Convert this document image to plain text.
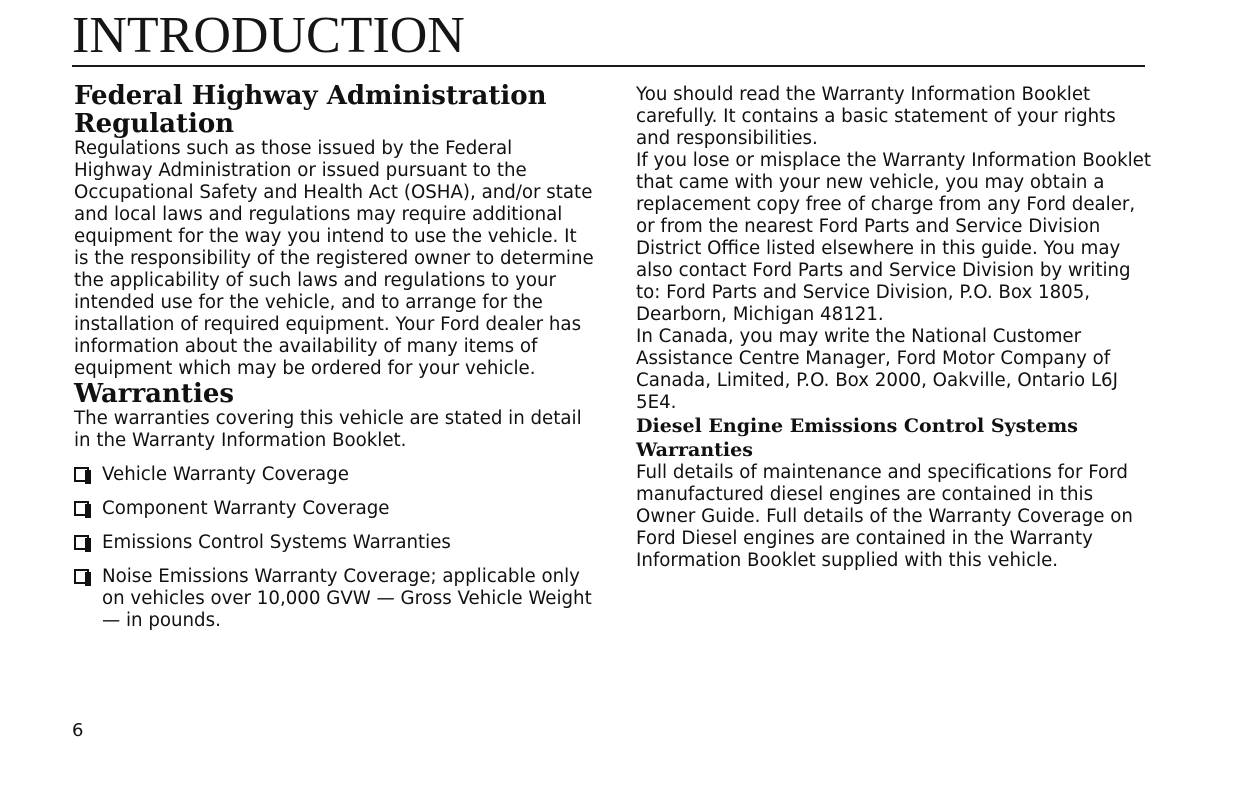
INTRODUCTION
Federal Highway Administration Regulation

Regulations such as those issued by the Federal Highway Administration or issued pursuant to the Occupational Safety and Health Act (OSHA), and/or state and local laws and regulations may require additional equipment for the way you intend to use the vehicle. It is the responsibility of the registered owner to determine the applicability of such laws and regulations to your intended use for the vehicle, and to arrange for the installation of required equipment. Your Ford dealer has information about the availability of many items of equipment which may be ordered for your vehicle.

Warranties

The warranties covering this vehicle are stated in detail in the Warranty Information Booklet.

Vehicle Warranty Coverage
Component Warranty Coverage
Emissions Control Systems Warranties
Noise Emissions Warranty Coverage; applicable only on vehicles over 10,000 GVW — Gross Vehicle Weight — in pounds.

You should read the Warranty Information Booklet carefully. It contains a basic statement of your rights and responsibilities.

If you lose or misplace the Warranty Information Booklet that came with your new vehicle, you may obtain a replacement copy free of charge from any Ford dealer, or from the nearest Ford Parts and Service Division District Office listed elsewhere in this guide. You may also contact Ford Parts and Service Division by writing to: Ford Parts and Service Division, P.O. Box 1805, Dearborn, Michigan 48121.

In Canada, you may write the National Customer Assistance Centre Manager, Ford Motor Company of Canada, Limited, P.O. Box 2000, Oakville, Ontario L6J 5E4.

Diesel Engine Emissions Control Systems Warranties

Full details of maintenance and specifications for Ford manufactured diesel engines are contained in this Owner Guide. Full details of the Warranty Coverage on Ford Diesel engines are contained in the Warranty Information Booklet supplied with this vehicle.

6
